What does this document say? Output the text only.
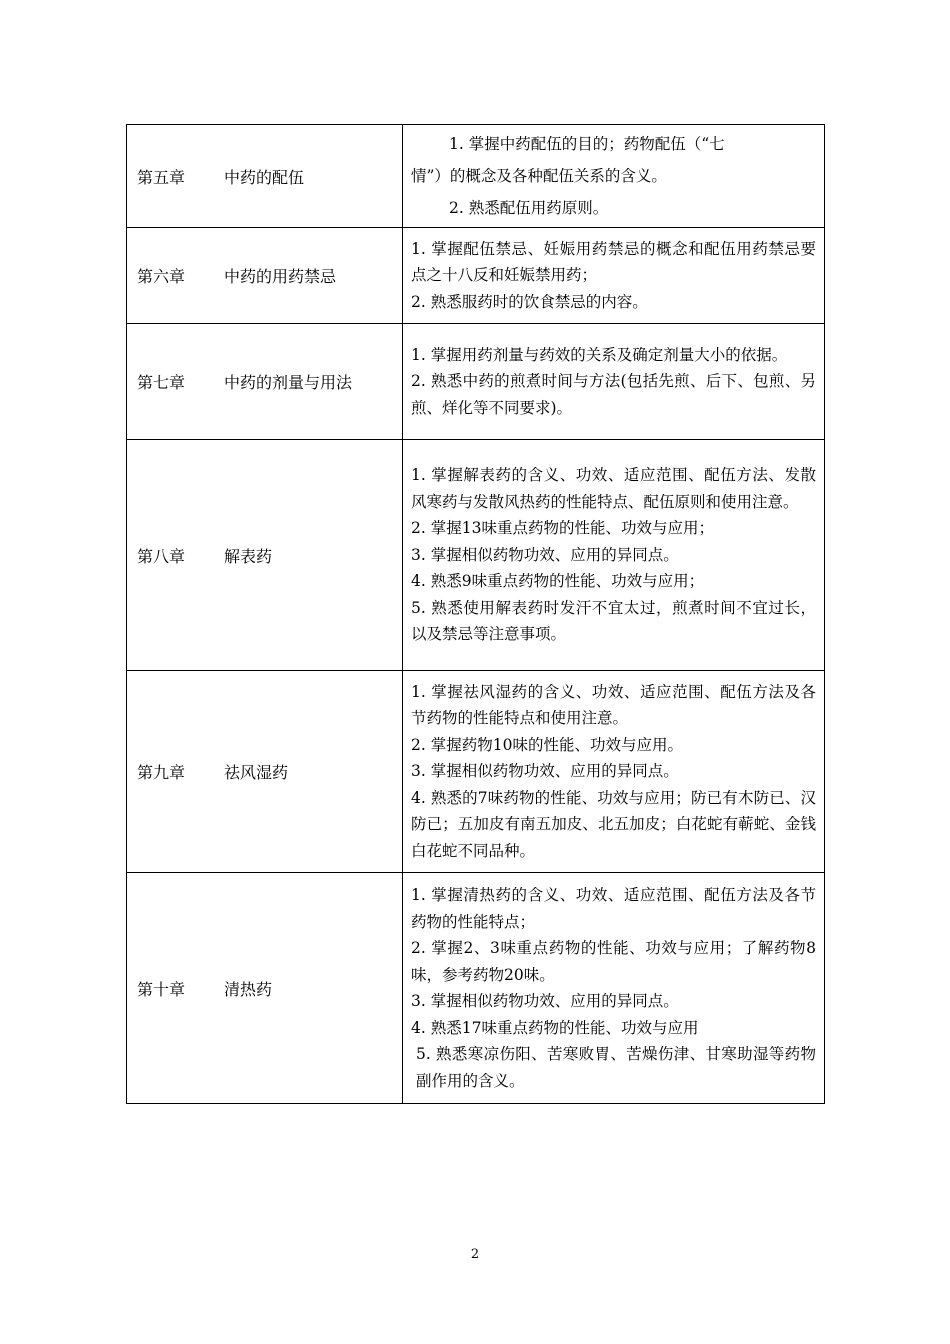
第五章 中药的配伍	1. 掌握中药配伍的目的；药物配伍（“七
情”）的概念及各种配伍关系的含义。
2. 熟悉配伍用药原则。

第六章 中药的用药禁忌	1. 掌握配伍禁忌、妊娠用药禁忌的概念和配伍用药禁忌要点之十八反和妊娠禁用药；
2. 熟悉服药时的饮食禁忌的内容。

第七章 中药的剂量与用法	1. 掌握用药剂量与药效的关系及确定剂量大小的依据。
2. 熟悉中药的煎煮时间与方法(包括先煎、后下、包煎、另煎、烊化等不同要求)。

第八章 解表药	1. 掌握解表药的含义、功效、适应范围、配伍方法、发散风寒药与发散风热药的性能特点、配伍原则和使用注意。
2. 掌握13味重点药物的性能、功效与应用；
3. 掌握相似药物功效、应用的异同点。
4. 熟悉9味重点药物的性能、功效与应用；
5. 熟悉使用解表药时发汗不宜太过，煎煮时间不宜过长，以及禁忌等注意事项。

第九章 祛风湿药	1. 掌握祛风湿药的含义、功效、适应范围、配伍方法及各节药物的性能特点和使用注意。
2. 掌握药物10味的性能、功效与应用。
3. 掌握相似药物功效、应用的异同点。
4. 熟悉的7味药物的性能、功效与应用；防已有木防已、汉防已；五加皮有南五加皮、北五加皮；白花蛇有蕲蛇、金钱白花蛇不同品种。

第十章 清热药	1. 掌握清热药的含义、功效、适应范围、配伍方法及各节药物的性能特点；
2. 掌握2、3味重点药物的性能、功效与应用；了解药物8味，参考药物20味。
3. 掌握相似药物功效、应用的异同点。
4. 熟悉17味重点药物的性能、功效与应用
5. 熟悉寒凉伤阳、苦寒败胃、苦燥伤津、甘寒助湿等药物副作用的含义。
2
